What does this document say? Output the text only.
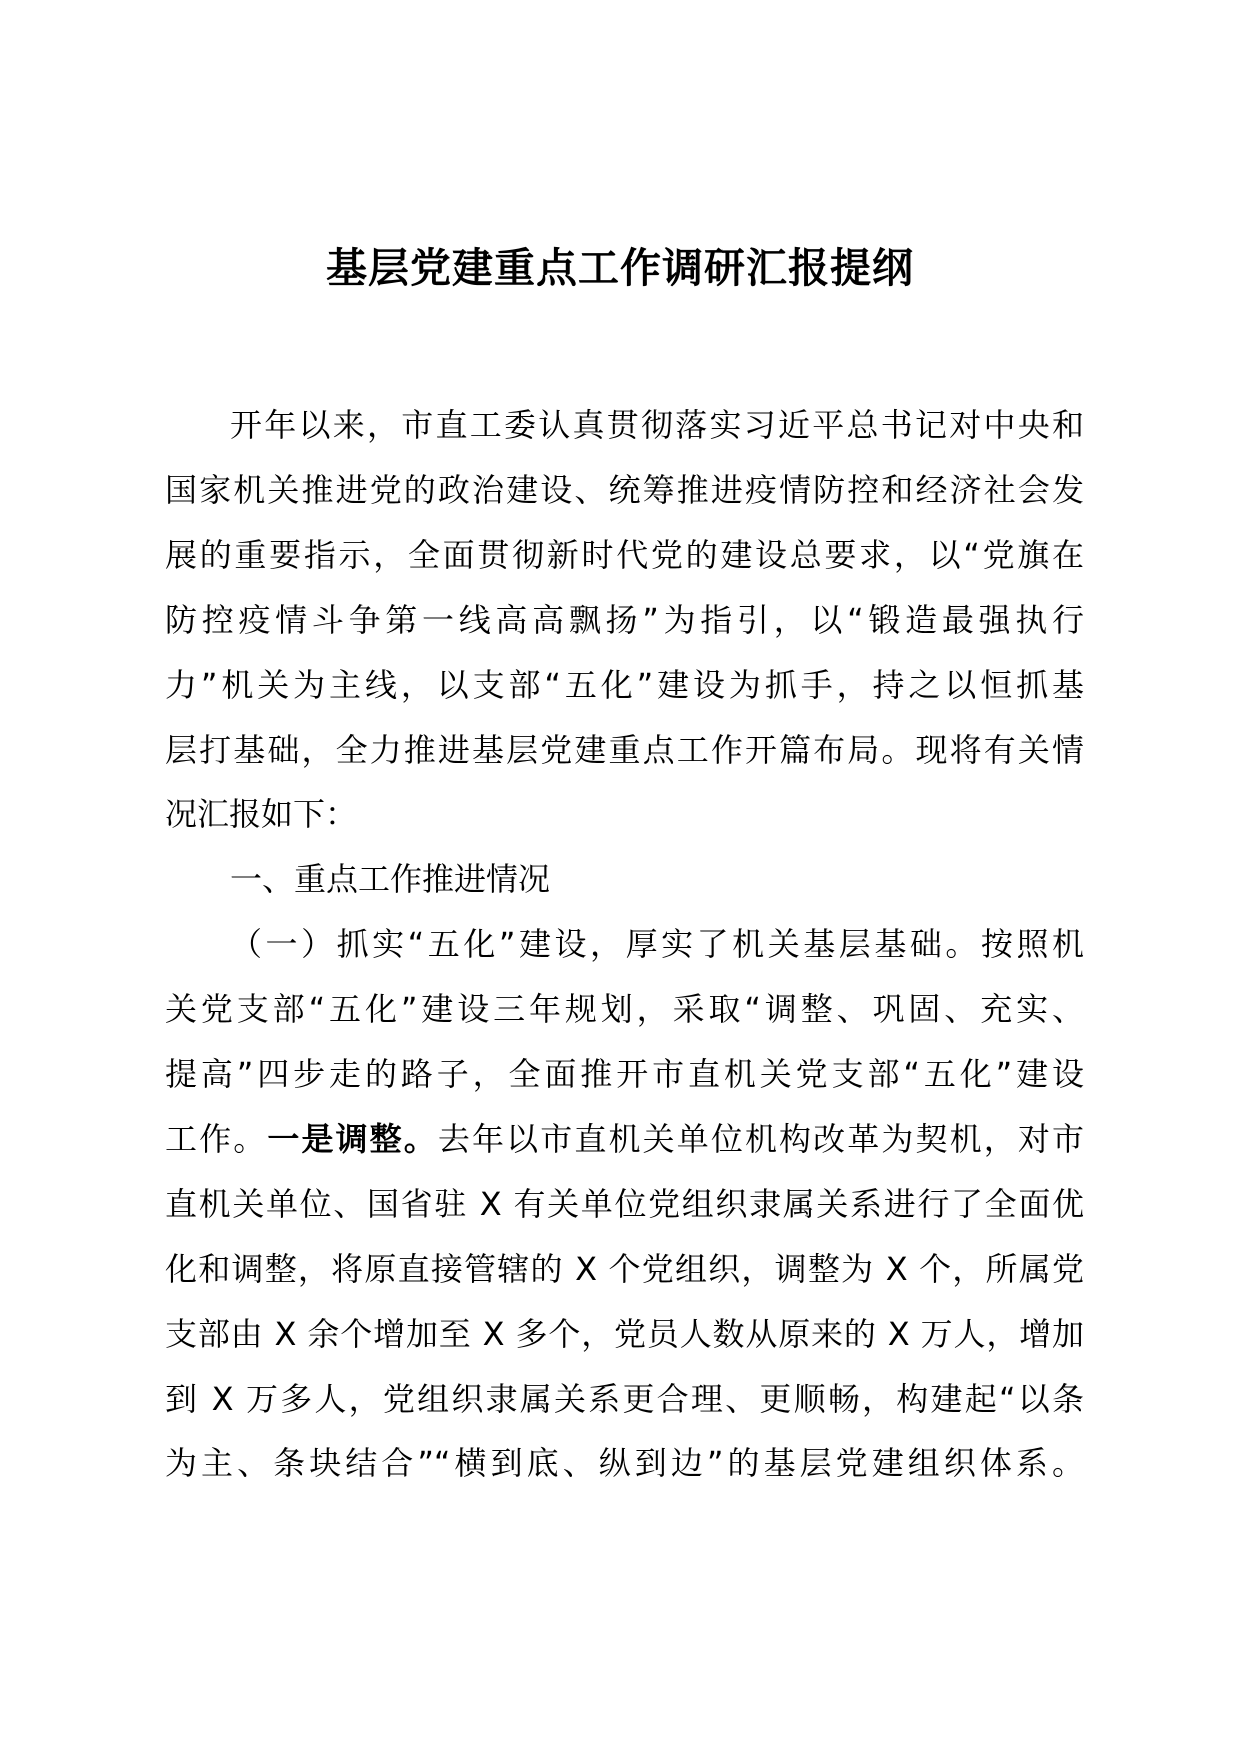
基层党建重点工作调研汇报提纲
开年以来，市直工委认真贯彻落实习近平总书记对中央和
国家机关推进党的政治建设、统筹推进疫情防控和经济社会发
展的重要指示，全面贯彻新时代党的建设总要求，以“党旗在
防控疫情斗争第一线高高飘扬”为指引，以“锻造最强执行
力”机关为主线，以支部“五化”建设为抓手，持之以恒抓基
层打基础，全力推进基层党建重点工作开篇布局。现将有关情
况汇报如下：
一、重点工作推进情况
（一）抓实“五化”建设，厚实了机关基层基础。按照机
关党支部“五化”建设三年规划，采取“调整、巩固、充实、
提高”四步走的路子，全面推开市直机关党支部“五化”建设
工作。一是调整。去年以市直机关单位机构改革为契机，对市
直机关单位、国省驻 X 有关单位党组织隶属关系进行了全面优
化和调整，将原直接管辖的 X 个党组织，调整为 X 个，所属党
支部由 X 余个增加至 X 多个，党员人数从原来的 X 万人，增加
到 X 万多人，党组织隶属关系更合理、更顺畅，构建起“以条
为主、条块结合”“横到底、纵到边”的基层党建组织体系。
